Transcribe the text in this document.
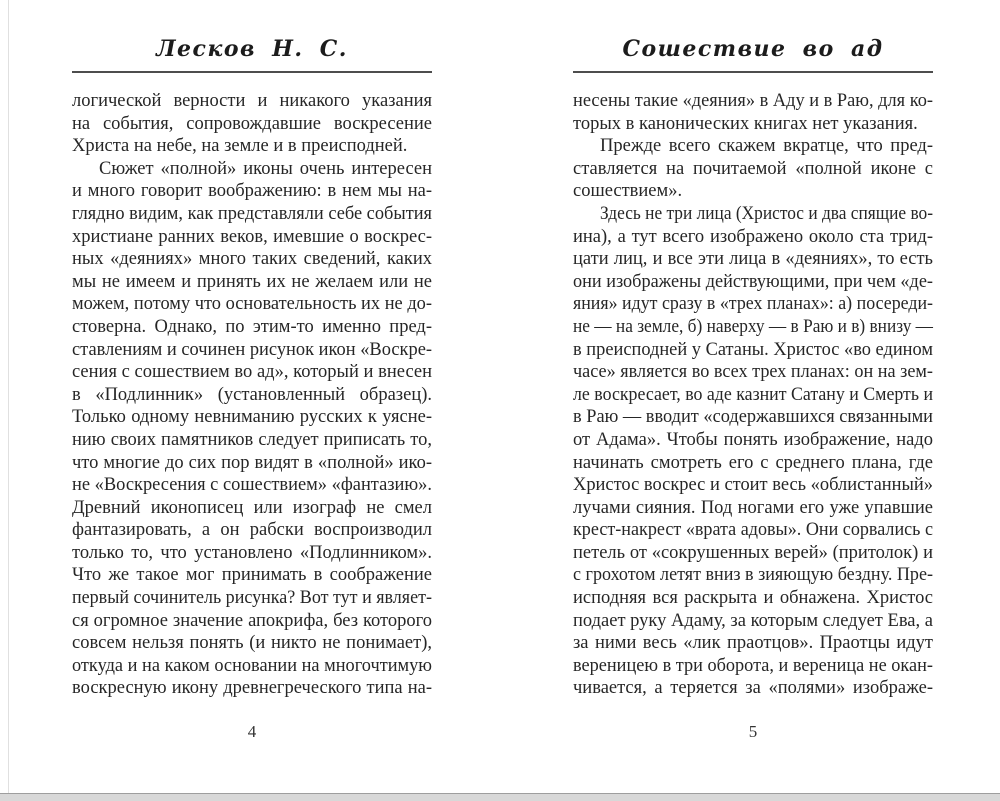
Лесков Н. С.
логической верности и никакого указания
на события, сопровождавшие воскресение
Христа на небе, на земле и в преисподней.
Сюжет «полной» иконы очень интересен
и много говорит воображению: в нем мы на-
глядно видим, как представляли себе события
христиане ранних веков, имевшие о воскрес-
ных «деяниях» много таких сведений, каких
мы не имеем и принять их не желаем или не
можем, потому что основательность их не до-
стоверна. Однако, по этим-то именно пред-
ставлениям и сочинен рисунок икон «Воскре-
сения с сошествием во ад», который и внесен
в «Подлинник» (установленный образец).
Только одному невниманию русских к уясне-
нию своих памятников следует приписать то,
что многие до сих пор видят в «полной» ико-
не «Воскресения с сошествием» «фантазию».
Древний иконописец или изограф не смел
фантазировать, а он рабски воспроизводил
только то, что установлено «Подлинником».
Что же такое мог принимать в соображение
первый сочинитель рисунка? Вот тут и являет-
ся огромное значение апокрифа, без которого
совсем нельзя понять (и никто не понимает),
откуда и на каком основании на многочтимую
воскресную икону древнегреческого типа на-
4
Сошествие во ад
несены такие «деяния» в Аду и в Раю, для ко-
торых в канонических книгах нет указания.
Прежде всего скажем вкратце, что пред-
ставляется на почитаемой «полной иконе с
сошествием».
Здесь не три лица (Христос и два спящие во-
ина), а тут всего изображено около ста трид-
цати лиц, и все эти лица в «деяниях», то есть
они изображены действующими, при чем «де-
яния» идут сразу в «трех планах»: а) посереди-
не — на земле, б) наверху — в Раю и в) внизу —
в преисподней у Сатаны. Христос «во едином
часе» является во всех трех планах: он на зем-
ле воскресает, во аде казнит Сатану и Смерть и
в Раю — вводит «содержавшихся связанными
от Адама». Чтобы понять изображение, надо
начинать смотреть его с среднего плана, где
Христос воскрес и стоит весь «облистанный»
лучами сияния. Под ногами его уже упавшие
крест-накрест «врата адовы». Они сорвались с
петель от «сокрушенных верей» (притолок) и
с грохотом летят вниз в зияющую бездну. Пре-
исподняя вся раскрыта и обнажена. Христос
подает руку Адаму, за которым следует Ева, а
за ними весь «лик праотцов». Праотцы идут
вереницею в три оборота, и вереница не окан-
чивается, а теряется за «полями» изображе-
5
